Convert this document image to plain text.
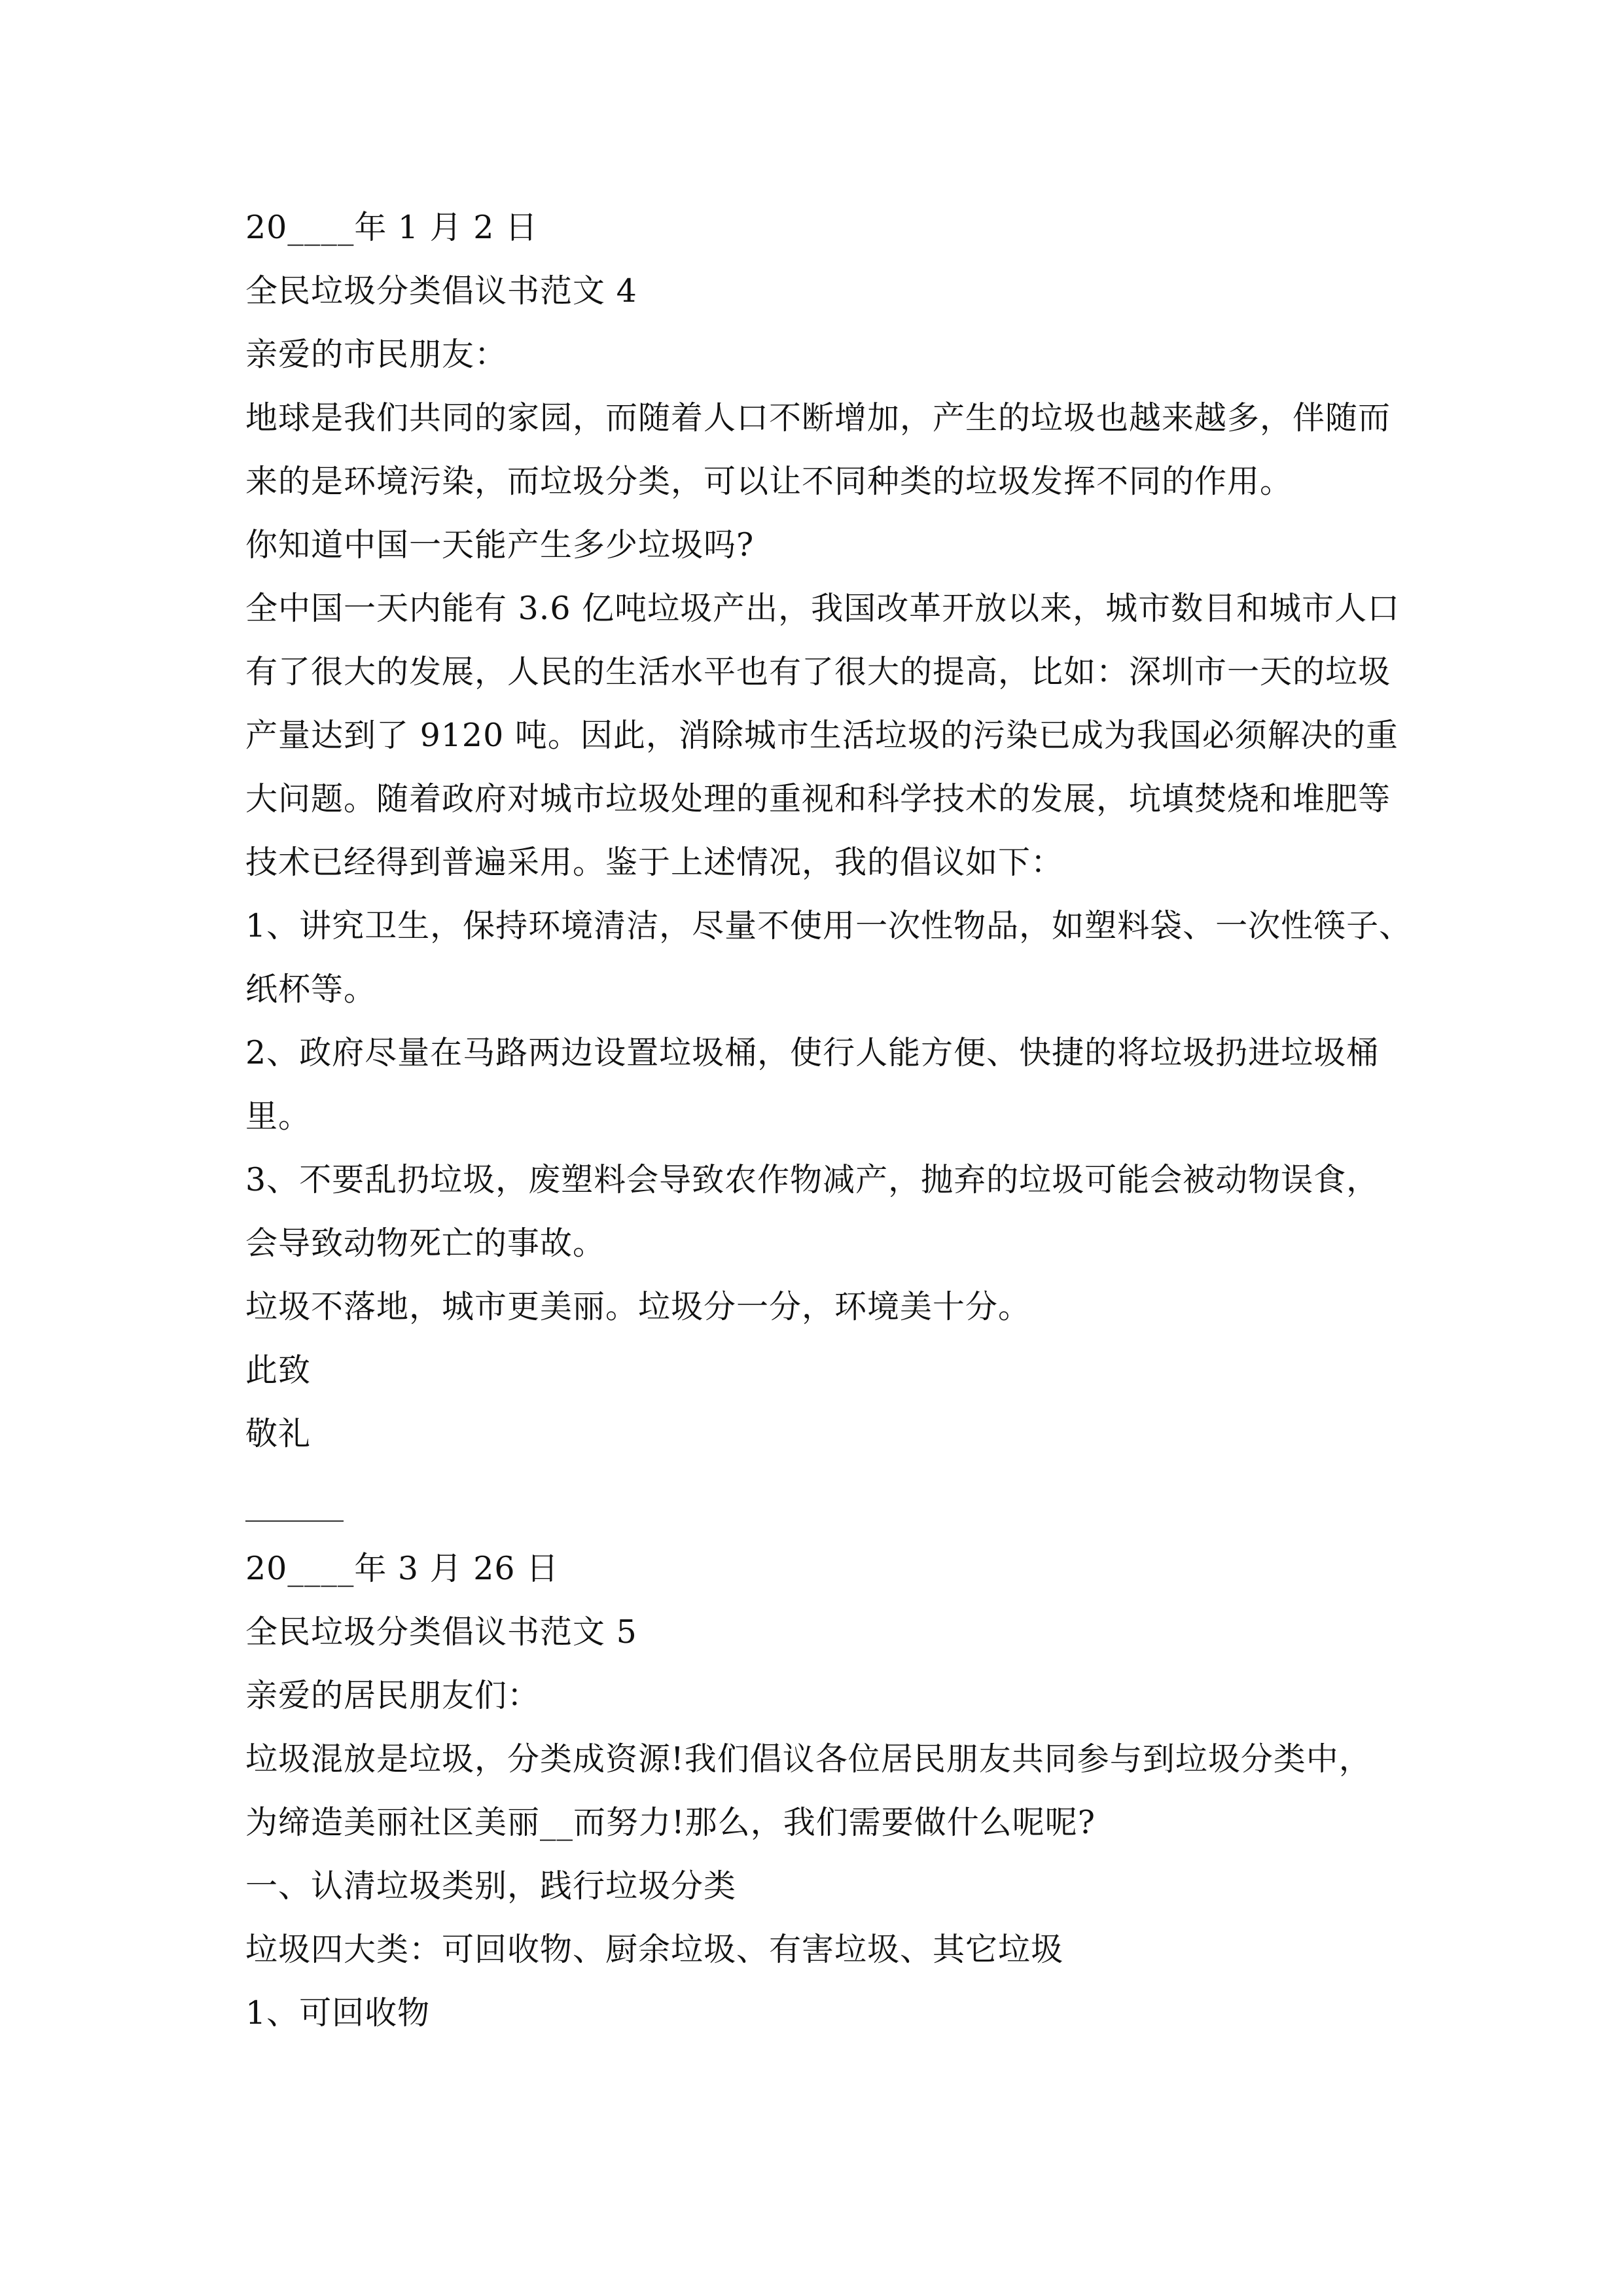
20____年 1 月 2 日
全民垃圾分类倡议书范文 4
亲爱的市民朋友：
地球是我们共同的家园，而随着人口不断增加，产生的垃圾也越来越多，伴随而
来的是环境污染，而垃圾分类，可以让不同种类的垃圾发挥不同的作用。
你知道中国一天能产生多少垃圾吗?
全中国一天内能有 3.6 亿吨垃圾产出，我国改革开放以来，城市数目和城市人口
有了很大的发展，人民的生活水平也有了很大的提高，比如：深圳市一天的垃圾
产量达到了 9120 吨。因此，消除城市生活垃圾的污染已成为我国必须解决的重
大问题。随着政府对城市垃圾处理的重视和科学技术的发展，坑填焚烧和堆肥等
技术已经得到普遍采用。鉴于上述情况，我的倡议如下：
1、讲究卫生，保持环境清洁，尽量不使用一次性物品，如塑料袋、一次性筷子、
纸杯等。
2、政府尽量在马路两边设置垃圾桶，使行人能方便、快捷的将垃圾扔进垃圾桶
里。
3、不要乱扔垃圾，废塑料会导致农作物减产，抛弃的垃圾可能会被动物误食，
会导致动物死亡的事故。
垃圾不落地，城市更美丽。垃圾分一分，环境美十分。
此致
敬礼
20____年 3 月 26 日
全民垃圾分类倡议书范文 5
亲爱的居民朋友们：
垃圾混放是垃圾，分类成资源!我们倡议各位居民朋友共同参与到垃圾分类中，
为缔造美丽社区美丽__而努力!那么，我们需要做什么呢呢?
一、认清垃圾类别，践行垃圾分类
垃圾四大类：可回收物、厨余垃圾、有害垃圾、其它垃圾
1、可回收物
